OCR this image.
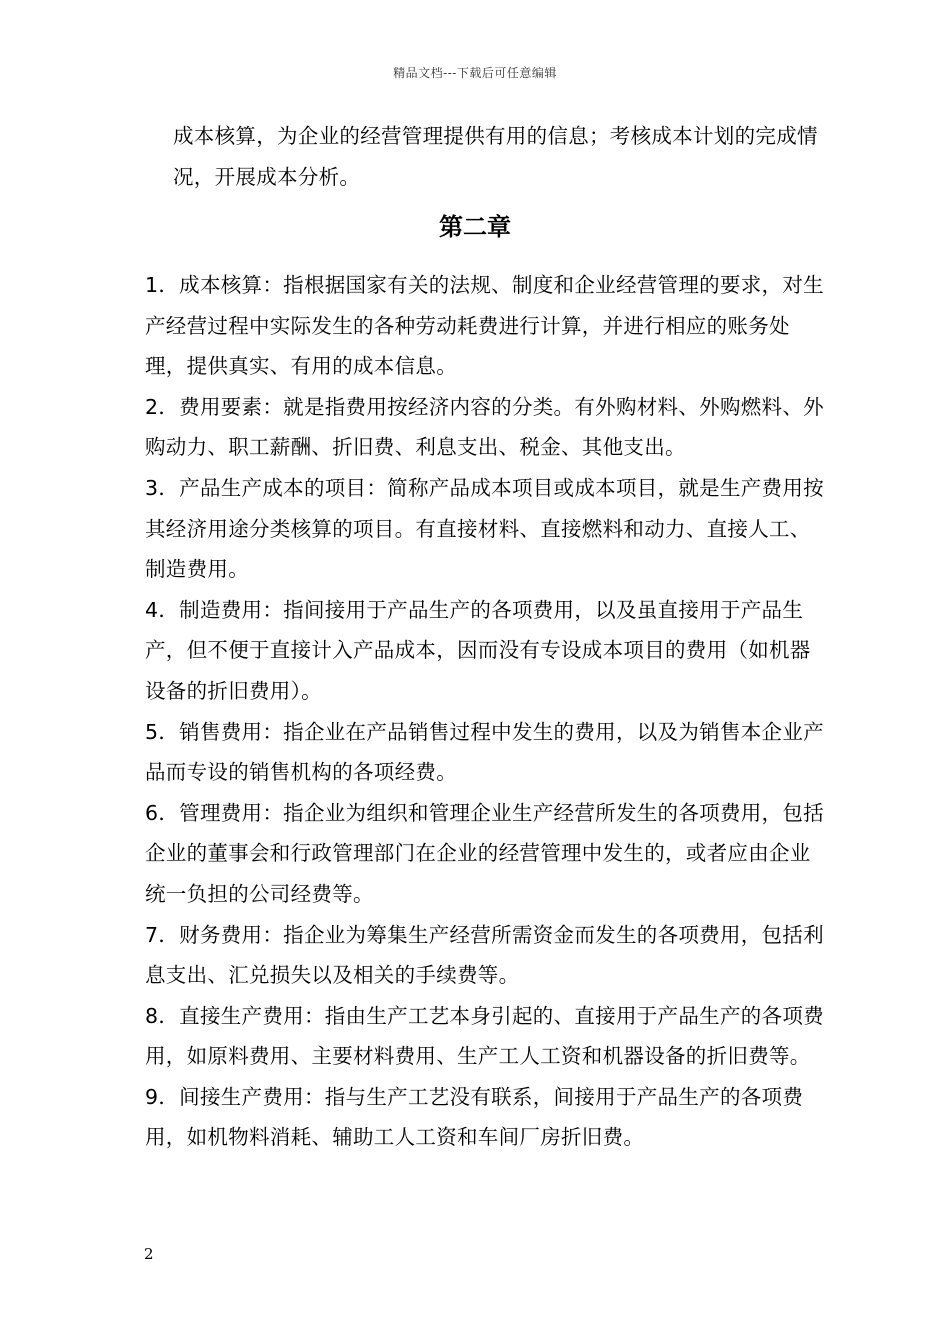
精品文档---下载后可任意编辑
成本核算，为企业的经营管理提供有用的信息；考核成本计划的完成情况，开展成本分析。
第二章

1．成本核算：指根据国家有关的法规、制度和企业经营管理的要求，对生产经营过程中实际发生的各种劳动耗费进行计算，并进行相应的账务处理，提供真实、有用的成本信息。

2．费用要素：就是指费用按经济内容的分类。有外购材料、外购燃料、外购动力、职工薪酬、折旧费、利息支出、税金、其他支出。

3．产品生产成本的项目：简称产品成本项目或成本项目，就是生产费用按其经济用途分类核算的项目。有直接材料、直接燃料和动力、直接人工、制造费用。

4．制造费用：指间接用于产品生产的各项费用，以及虽直接用于产品生产，但不便于直接计入产品成本，因而没有专设成本项目的费用（如机器设备的折旧费用）。

5．销售费用：指企业在产品销售过程中发生的费用，以及为销售本企业产品而专设的销售机构的各项经费。

6．管理费用：指企业为组织和管理企业生产经营所发生的各项费用，包括企业的董事会和行政管理部门在企业的经营管理中发生的，或者应由企业统一负担的公司经费等。

7．财务费用：指企业为筹集生产经营所需资金而发生的各项费用，包括利息支出、汇兑损失以及相关的手续费等。

8．直接生产费用：指由生产工艺本身引起的、直接用于产品生产的各项费用，如原料费用、主要材料费用、生产工人工资和机器设备的折旧费等。

9．间接生产费用：指与生产工艺没有联系，间接用于产品生产的各项费用，如机物料消耗、辅助工人工资和车间厂房折旧费。

2
